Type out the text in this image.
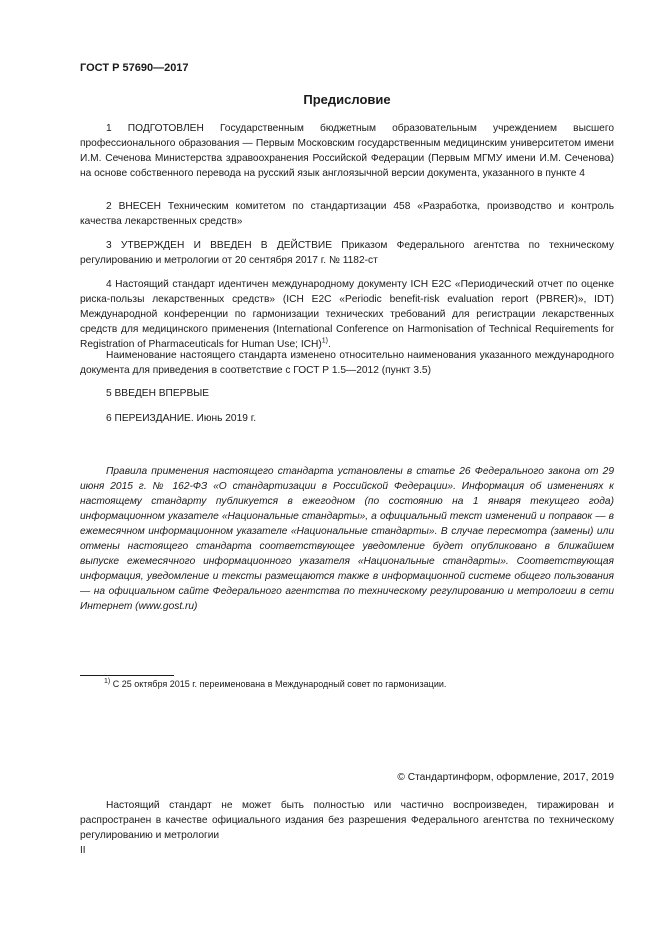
ГОСТ Р 57690—2017
Предисловие

1 ПОДГОТОВЛЕН Государственным бюджетным образовательным учреждением высшего профессионального образования — Первым Московским государственным медицинским университетом имени И.М. Сеченова Министерства здравоохранения Российской Федерации (Первым МГМУ имени И.М. Сеченова) на основе собственного перевода на русский язык англоязычной версии документа, указанного в пункте 4

2 ВНЕСЕН Техническим комитетом по стандартизации 458 «Разработка, производство и контроль качества лекарственных средств»

3 УТВЕРЖДЕН И ВВЕДЕН В ДЕЙСТВИЕ Приказом Федерального агентства по техническому регулированию и метрологии от 20 сентября 2017 г. № 1182-ст

4 Настоящий стандарт идентичен международному документу ICH E2C «Периодический отчет по оценке риска-пользы лекарственных средств» (ICH E2C «Periodic benefit-risk evaluation report (PBRER)», IDT) Международной конференции по гармонизации технических требований для регистрации лекарственных средств для медицинского применения (International Conference on Harmonisation of Technical Requirements for Registration of Pharmaceuticals for Human Use; ICH)$^{1)}$.

Наименование настоящего стандарта изменено относительно наименования указанного международного документа для приведения в соответствие с ГОСТ Р 1.5—2012 (пункт 3.5)

5 ВВЕДЕН ВПЕРВЫЕ

6 ПЕРЕИЗДАНИЕ. Июнь 2019 г.

Правила применения настоящего стандарта установлены в статье 26 Федерального закона от 29 июня 2015 г. № 162-ФЗ «О стандартизации в Российской Федерации». Информация об изменениях к настоящему стандарту публикуется в ежегодном (по состоянию на 1 января текущего года) информационном указателе «Национальные стандарты», а официальный текст изменений и поправок — в ежемесячном информационном указателе «Национальные стандарты». В случае пересмотра (замены) или отмены настоящего стандарта соответствующее уведомление будет опубликовано в ближайшем выпуске ежемесячного информационного указателя «Национальные стандарты». Соответствующая информация, уведомление и тексты размещаются также в информационной системе общего пользования — на официальном сайте Федерального агентства по техническому регулированию и метрологии в сети Интернет (www.gost.ru)

$^{1)}$ С 25 октября 2015 г. переименована в Международный совет по гармонизации.
© Стандартинформ, оформление, 2017, 2019

Настоящий стандарт не может быть полностью или частично воспроизведен, тиражирован и распространен в качестве официального издания без разрешения Федерального агентства по техническому регулированию и метрологии

II
